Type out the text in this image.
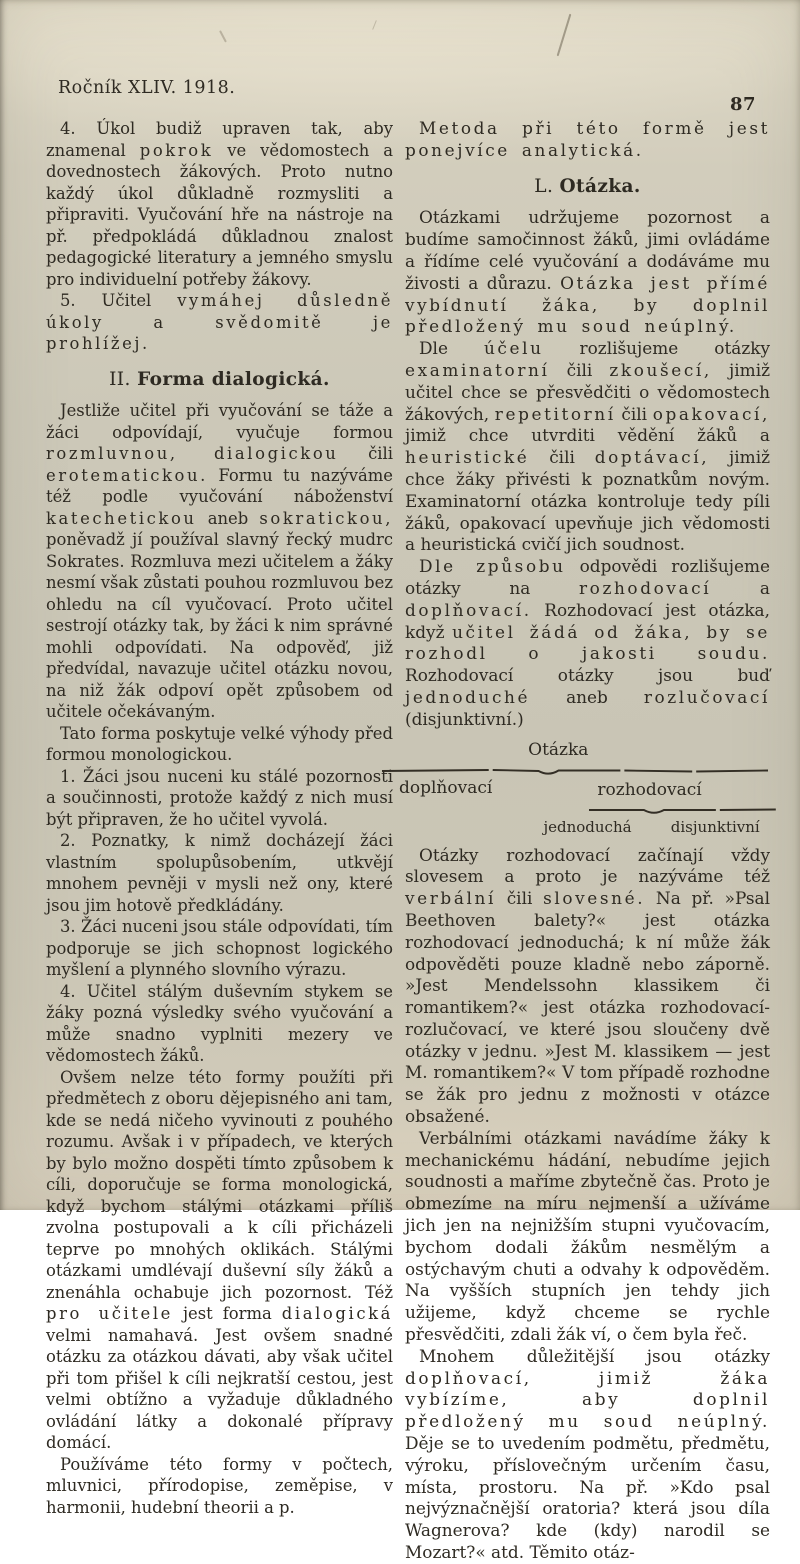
Ročník XLIV. 1918.
87

4. Úkol budiž upraven tak, aby znamenal pokrok ve vědomostech a dovednostech žákových. Proto nutno každý úkol důkladně rozmysliti a připraviti. Vyučování hře na nástroje na př. předpokládá důkladnou znalost pedagogické literatury a jemného smyslu pro individuelní potřeby žákovy.

5. Učitel vymáhej důsledně úkoly a svědomitě je prohlížej.

II. Forma dialogická.

Jestliže učitel při vyučování se táže a žáci odpovídají, vyučuje formou rozmluvnou, dialogickou čili erotematickou. Formu tu nazýváme též podle vyučování náboženství katechetickou aneb sokratickou, poněvadž jí používal slavný řecký mudrc Sokrates. Rozmluva mezi učitelem a žáky nesmí však zůstati pouhou rozmluvou bez ohledu na cíl vyučovací. Proto učitel sestrojí otázky tak, by žáci k nim správné mohli odpovídati. Na odpověď, již předvídal, navazuje učitel otázku novou, na niž žák odpoví opět způsobem od učitele očekávaným.

Tato forma poskytuje velké výhody před formou monologickou.

1. Žáci jsou nuceni ku stálé pozornosti a součinnosti, protože každý z nich musí být připraven, že ho učitel vyvolá.

2. Poznatky, k nimž docházejí žáci vlastním spolupůsobením, utkvějí mnohem pevněji v mysli než ony, které jsou jim hotově předkládány.

3. Žáci nuceni jsou stále odpovídati, tím podporuje se jich schopnost logického myšlení a plynného slovního výrazu.

4. Učitel stálým duševním stykem se žáky pozná výsledky svého vyučování a může snadno vyplniti mezery ve vědomostech žáků.

Ovšem nelze této formy použíti při předmětech z oboru dějepisného ani tam, kde se nedá ničeho vyvinouti z pouhého rozumu. Avšak i v případech, ve kterých by bylo možno dospěti tímto způsobem k cíli, doporučuje se forma monologická, když bychom stálými otázkami příliš zvolna postupovali a k cíli přicházeli teprve po mnohých oklikách. Stálými otázkami umdlévají duševní síly žáků a znenáhla ochabuje jich pozornost. Též pro učitele jest forma dialogická velmi namahavá. Jest ovšem snadné otázku za otázkou dávati, aby však učitel při tom přišel k cíli nejkratší cestou, jest velmi obtížno a vyžaduje důkladného ovládání látky a dokonalé přípravy domácí.

Používáme této formy v počtech, mluvnici, přírodopise, zeměpise, v harmonii, hudební theorii a p.

Metoda při této formě jest ponejvíce analytická.

L. Otázka.

Otázkami udržujeme pozornost a budíme samočinnost žáků, jimi ovládáme a řídíme celé vyučování a dodáváme mu živosti a důrazu. Otázka jest přímé vybídnutí žáka, by doplnil předložený mu soud neúplný.

Dle účelu rozlišujeme otázky examinatorní čili zkoušecí, jimiž učitel chce se přesvědčiti o vědomostech žákových, repetitorní čili opakovací, jimiž chce utvrditi vědění žáků a heuristické čili doptávací, jimiž chce žáky přivésti k poznatkům novým. Examinatorní otázka kontroluje tedy píli žáků, opakovací upevňuje jich vědomosti a heuristická cvičí jich soudnost.

Dle způsobu odpovědi rozlišujeme otázky na rozhodovací a doplňovací. Rozhodovací jest otázka, když učitel žádá od žáka, by se rozhodl o jakosti soudu. Rozhodovací otázky jsou buď jednoduché aneb rozlučovací (disjunktivní.)

Otázka
doplňovací	rozhodovací
jednoduchá	disjunktivní

Otázky rozhodovací začínají vždy slovesem a proto je nazýváme též verbální čili slovesné. Na př. »Psal Beethoven balety?« jest otázka rozhodovací jednoduchá; k ní může žák odpověděti pouze kladně nebo záporně. »Jest Mendelssohn klassikem či romantikem?« jest otázka rozhodovací-rozlučovací, ve které jsou sloučeny dvě otázky v jednu. »Jest M. klassikem — jest M. romantikem?« V tom případě rozhodne se žák pro jednu z možnosti v otázce obsažené.

Verbálními otázkami navádíme žáky k mechanickému hádání, nebudíme jejich soudnosti a maříme zbytečně čas. Proto je obmezíme na míru nejmenší a užíváme jich jen na nejnižším stupni vyučovacím, bychom dodali žákům nesmělým a ostýchavým chuti a odvahy k odpověděm. Na vyšších stupních jen tehdy jich užijeme, když chceme se rychle přesvědčiti, zdali žák ví, o čem byla řeč.

Mnohem důležitější jsou otázky doplňovací, jimiž žáka vybízíme, aby doplnil předložený mu soud neúplný. Děje se to uvedením podmětu, předmětu, výroku, příslovečným určením času, místa, prostoru. Na př. »Kdo psal nejvýznačnější oratoria? která jsou díla Wagnerova? kde (kdy) narodil se Mozart?« atd. Těmito otáz-
